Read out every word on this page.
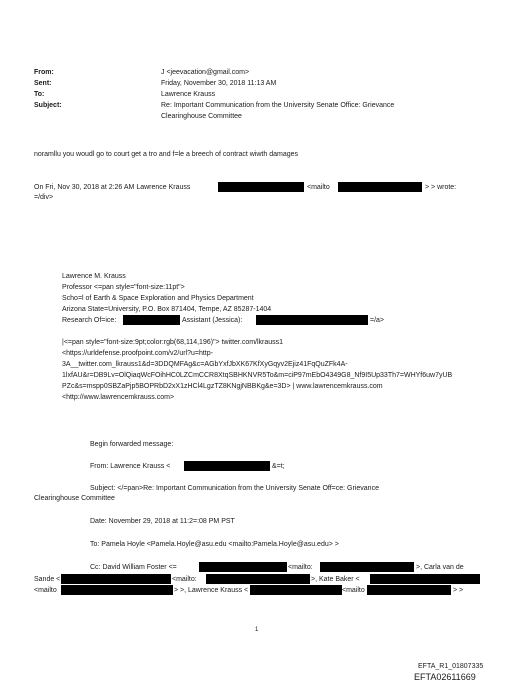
From:	J <jeevacation@gmail.com>
Sent:	Friday, November 30, 2018 11:13 AM
To:	Lawrence Krauss
Subject:	Re: Important Communication from the University Senate Office: Grievance
Clearinghouse Committee
noramllu you woudl go to court get a tro and f=le a breech of contract wiwth damages
On Fri, Nov 30, 2018 at 2:26 AM Lawrence Krauss	<mailto	> > wrote:
=/div>
Lawrence M. Krauss
Professor <=pan style="font-size:11pt">
Scho=l of Earth & Space Exploration and Physics Department
Arizona State=University, P.O. Box 871404, Tempe, AZ 85287-1404
Research Of=ice:	Assistant (Jessica):	=/a>
|<=pan style="font-size:9pt;color:rgb(68,114,196)"> twitter.com/lkrauss1
<https://urldefense.proofpoint.com/v2/url?u=http-
3A__twitter.com_lkrauss1&d=3DDQMFAg&c=AGbYxfJbXK67KfXyGqyv2Ejiz41FqQuZFk4A-
1lxfAU&r=DB9Lv=OlQiaqWcFOihHC0LZCmCCR8XtqSBHKNVR5To&m=ciP97mEbO4349G8_Nf9I5Up33Th7=WHYf6uw7yUB
PZc&s=mspp0SBZaPjp5BOPRbD2xX1zHCl4LgzTZ8KNgjNBBKg&e=3D> | www.lawrencemkrauss.com
<http://www.lawrencemkrauss.com>
Begin forwarded message:
From: Lawrence Krauss <	&=t;
Subject: </=pan>Re: Important Communication from the University Senate Off=ce: Grievance
Clearinghouse Committee
Date: November 29, 2018 at 11:2=:08 PM PST
To: Pamela Hoyle <Pamela.Hoyle@asu.edu <mailto:Pamela.Hoyle@asu.edu> >
Cc: David William Foster <=	<mailto:	>, Carla van de
Sande <	<mailto:	>, Kate Baker <
<mailto	> >, Lawrence Krauss <	<mailto	> >
1
EFTA_R1_01807335
EFTA02611669
